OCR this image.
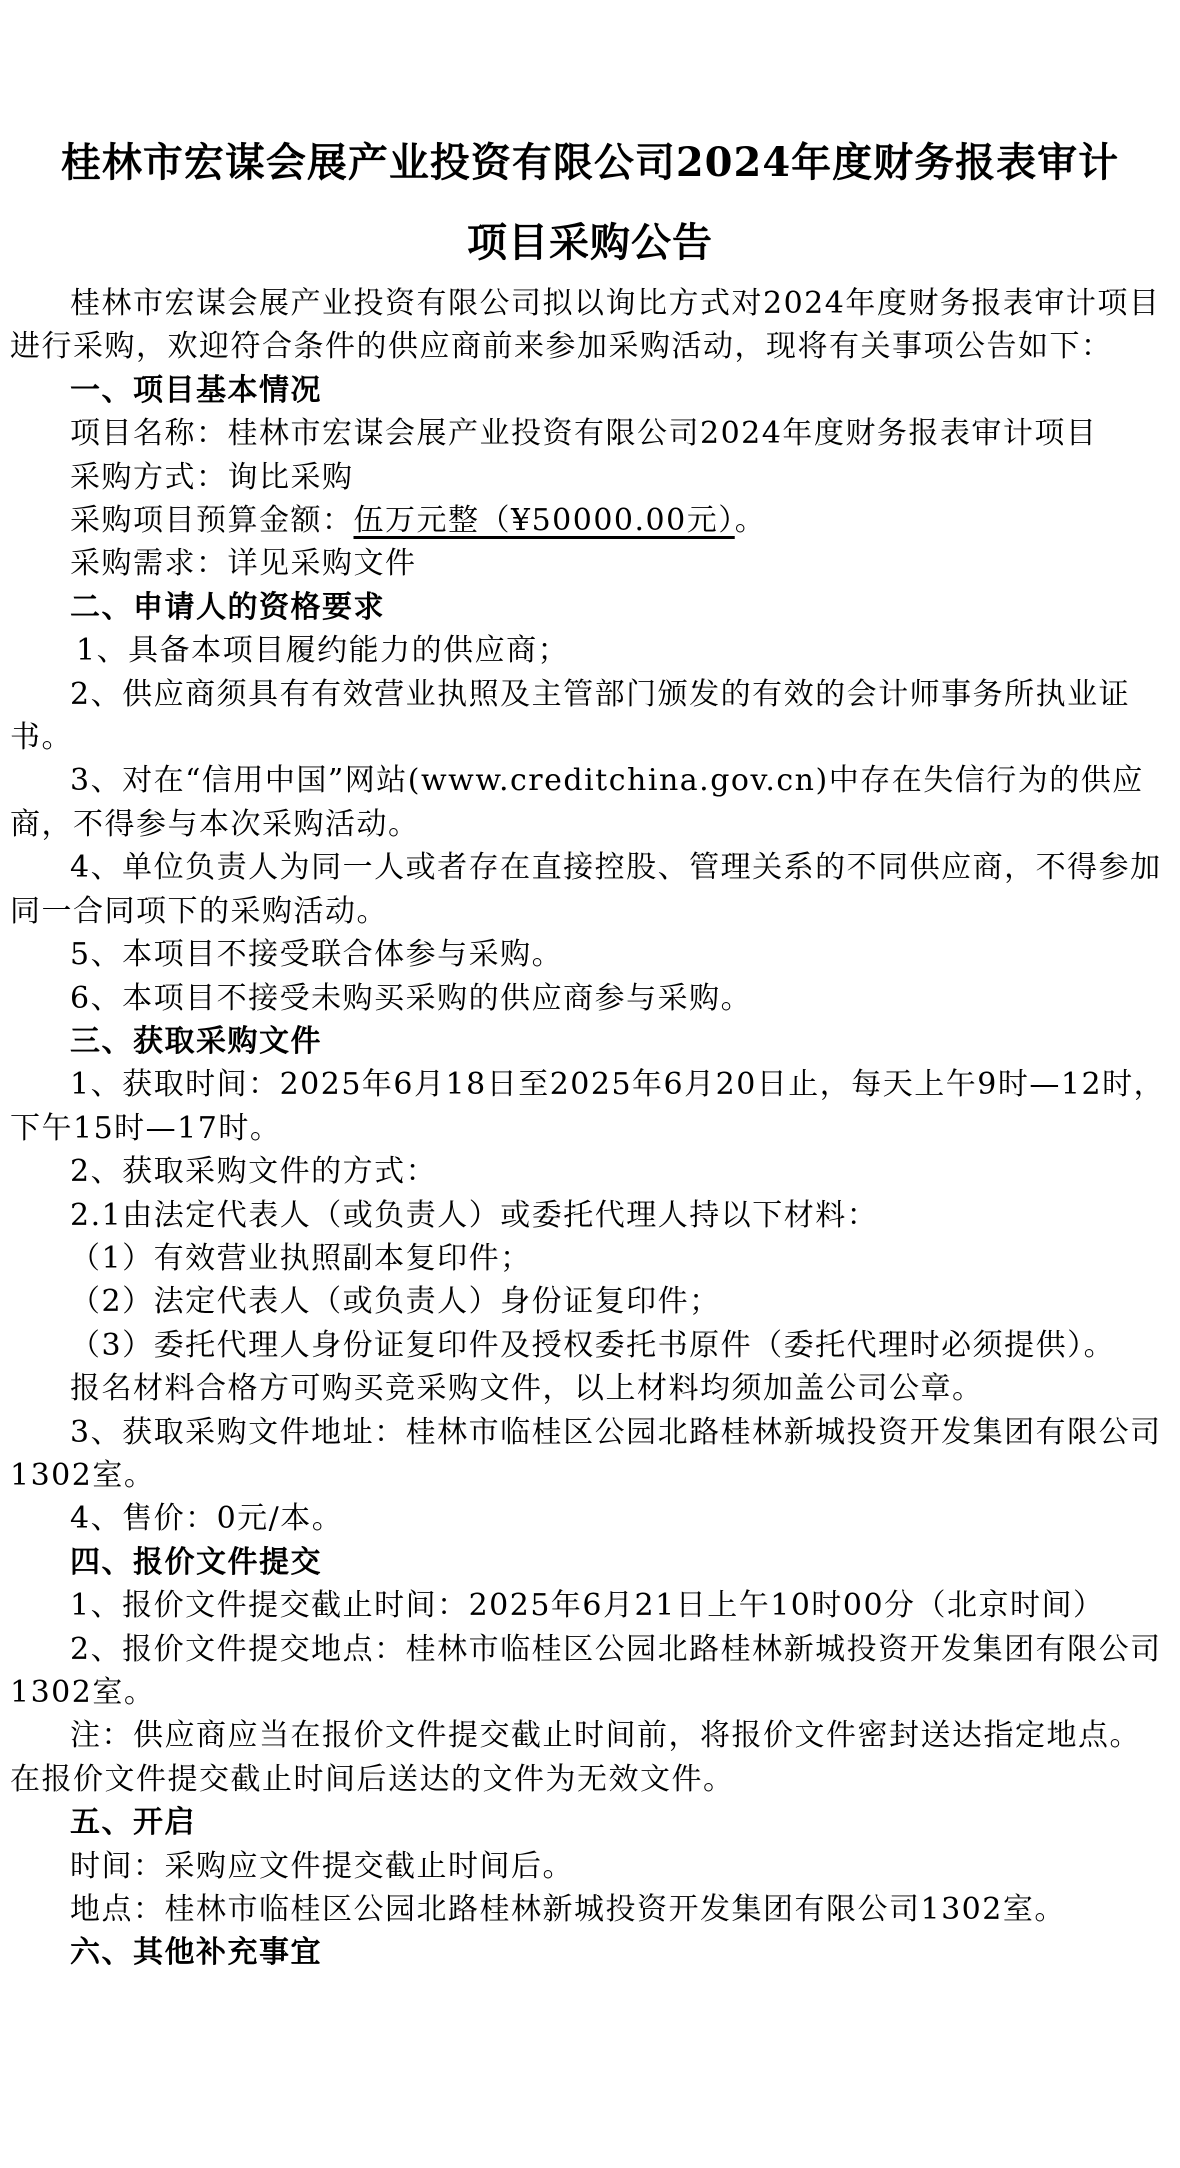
桂林市宏谋会展产业投资有限公司2024年度财务报表审计
项目采购公告

桂林市宏谋会展产业投资有限公司拟以询比方式对2024年度财务报表审计项目进行采购，欢迎符合条件的供应商前来参加采购活动，现将有关事项公告如下：

一、项目基本情况

项目名称：桂林市宏谋会展产业投资有限公司2024年度财务报表审计项目

采购方式：询比采购

采购项目预算金额：伍万元整（¥50000.00元）。

采购需求：详见采购文件

二、申请人的资格要求

1、具备本项目履约能力的供应商；

2、供应商须具有有效营业执照及主管部门颁发的有效的会计师事务所执业证书。

3、对在“信用中国”网站(www.creditchina.gov.cn)中存在失信行为的供应商，不得参与本次采购活动。

4、单位负责人为同一人或者存在直接控股、管理关系的不同供应商，不得参加同一合同项下的采购活动。

5、本项目不接受联合体参与采购。

6、本项目不接受未购买采购的供应商参与采购。

三、获取采购文件

1、获取时间：2025年6月18日至2025年6月20日止，每天上午9时—12时，下午15时—17时。

2、获取采购文件的方式：

2.1由法定代表人（或负责人）或委托代理人持以下材料：

（1）有效营业执照副本复印件；

（2）法定代表人（或负责人）身份证复印件；

（3）委托代理人身份证复印件及授权委托书原件（委托代理时必须提供）。

报名材料合格方可购买竞采购文件，以上材料均须加盖公司公章。

3、获取采购文件地址：桂林市临桂区公园北路桂林新城投资开发集团有限公司1302室。

4、售价：0元/本。

四、报价文件提交

1、报价文件提交截止时间：2025年6月21日上午10时00分（北京时间）

2、报价文件提交地点：桂林市临桂区公园北路桂林新城投资开发集团有限公司1302室。

注：供应商应当在报价文件提交截止时间前，将报价文件密封送达指定地点。在报价文件提交截止时间后送达的文件为无效文件。

五、开启

时间：采购应文件提交截止时间后。

地点：桂林市临桂区公园北路桂林新城投资开发集团有限公司1302室。

六、其他补充事宜
